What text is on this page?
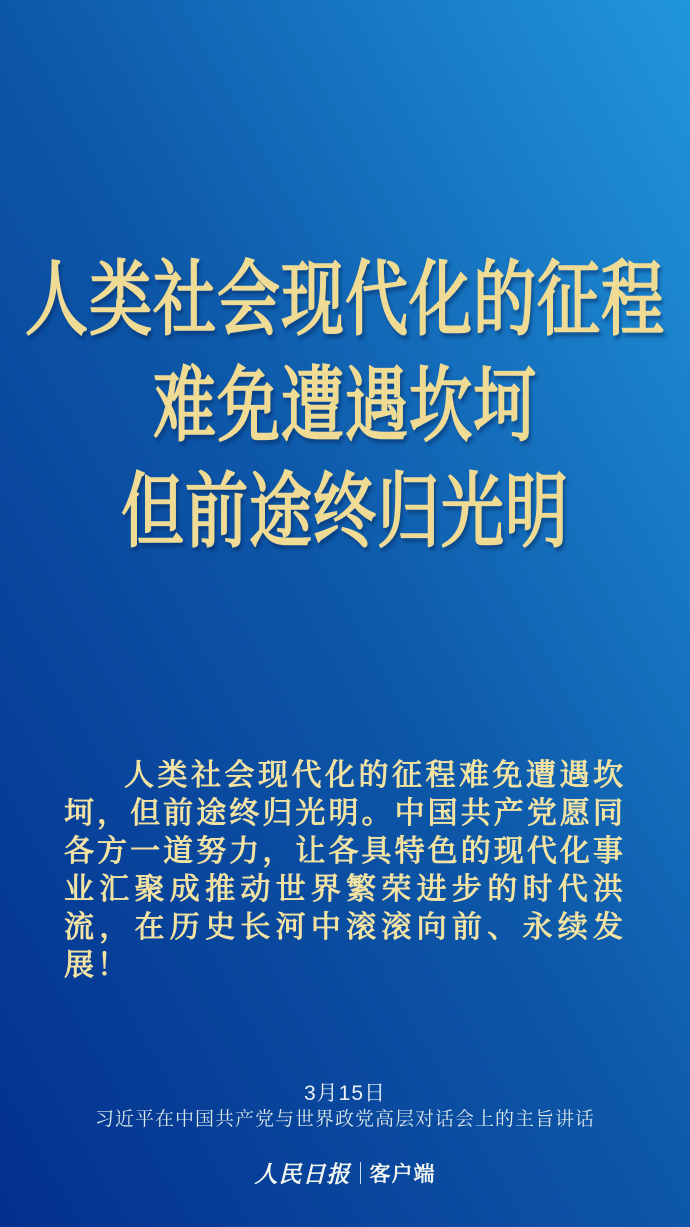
人类社会现代化的征程
难免遭遇坎坷
但前途终归光明

人类社会现代化的征程难免遭遇坎坷，但前途终归光明。中国共产党愿同各方一道努力，让各具特色的现代化事业汇聚成推动世界繁荣进步的时代洪流，在历史长河中滚滚向前、永续发展！

3月15日
习近平在中国共产党与世界政党高层对话会上的主旨讲话
人民日报 客户端
